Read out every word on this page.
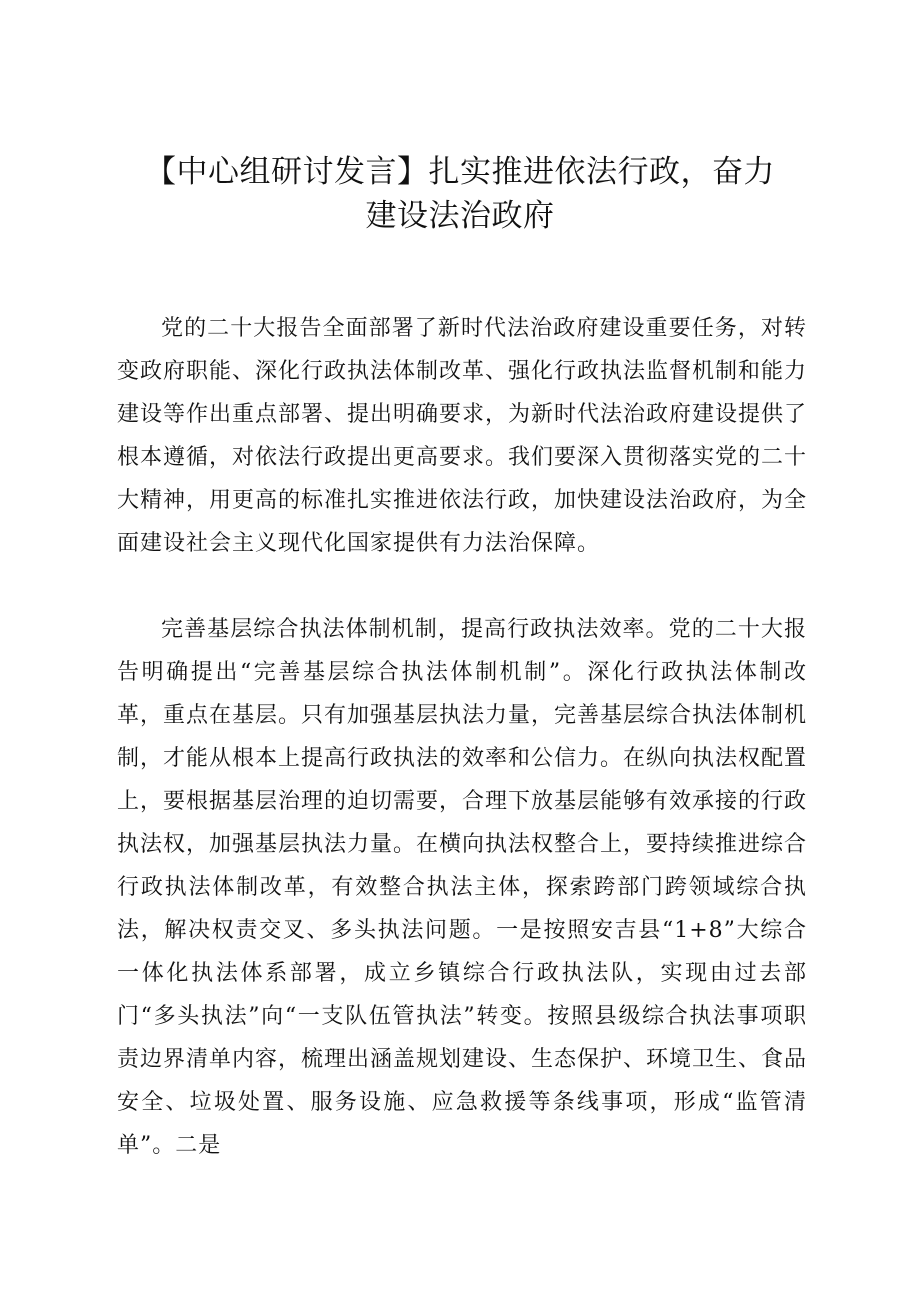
【中心组研讨发言】扎实推进依法行政，奋力
建设法治政府

党的二十大报告全面部署了新时代法治政府建设重要任务，对转变政府职能、深化行政执法体制改革、强化行政执法监督机制和能力建设等作出重点部署、提出明确要求，为新时代法治政府建设提供了根本遵循，对依法行政提出更高要求。我们要深入贯彻落实党的二十大精神，用更高的标准扎实推进依法行政，加快建设法治政府，为全面建设社会主义现代化国家提供有力法治保障。

完善基层综合执法体制机制，提高行政执法效率。党的二十大报告明确提出“完善基层综合执法体制机制”。深化行政执法体制改革，重点在基层。只有加强基层执法力量，完善基层综合执法体制机制，才能从根本上提高行政执法的效率和公信力。在纵向执法权配置上，要根据基层治理的迫切需要，合理下放基层能够有效承接的行政执法权，加强基层执法力量。在横向执法权整合上，要持续推进综合行政执法体制改革，有效整合执法主体，探索跨部门跨领域综合执法，解决权责交叉、多头执法问题。一是按照安吉县“1+8”大综合一体化执法体系部署，成立乡镇综合行政执法队，实现由过去部门“多头执法”向“一支队伍管执法”转变。按照县级综合执法事项职责边界清单内容，梳理出涵盖规划建设、生态保护、环境卫生、食品安全、垃圾处置、服务设施、应急救援等条线事项，形成“监管清单”。二是
